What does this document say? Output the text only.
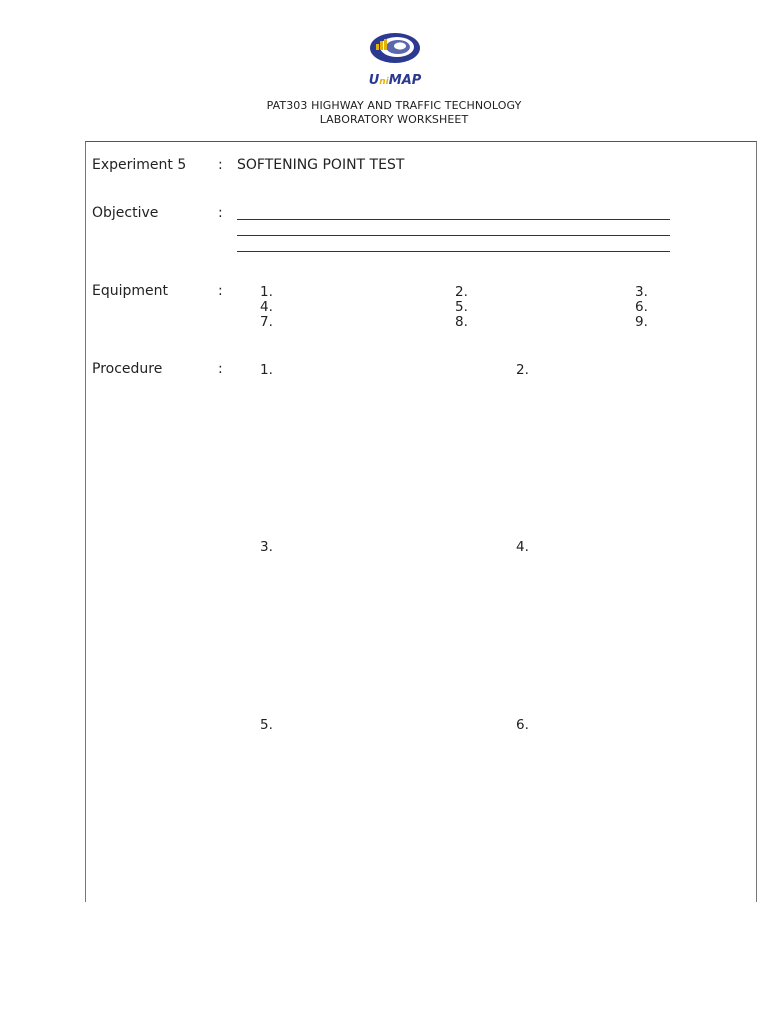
UniMAP
PAT303 HIGHWAY AND TRAFFIC TECHNOLOGY
LABORATORY WORKSHEET
Experiment 5 : SOFTENING POINT TEST
Objective	:
Equipment	:	1.	2.	3.
4.	5.	6.
7.	8.	9.
Procedure	:	1.	2.
3.	4.
5.	6.
